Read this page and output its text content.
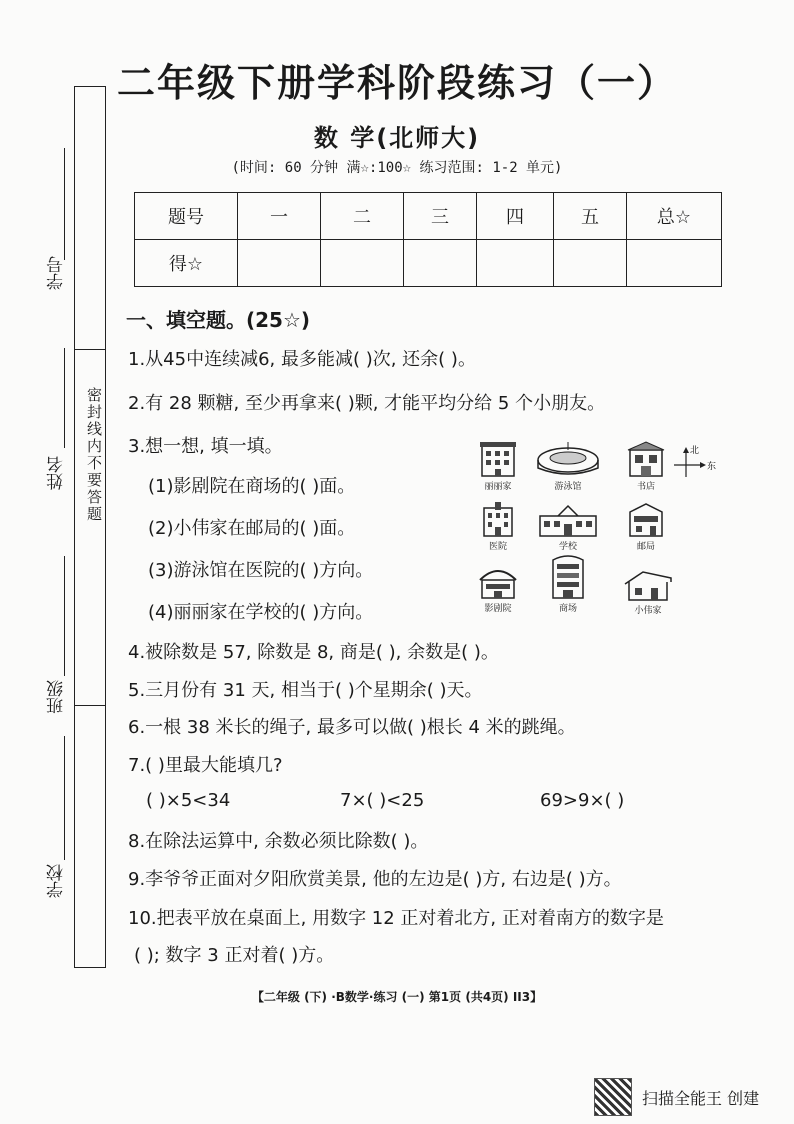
密封线内不要答题
学号
姓名
班级
学校
二年级下册学科阶段练习（一）
数 学(北师大)
(时间: 60 分钟 满☆:100☆ 练习范围: 1-2 单元)
题号	一	二	三	四	五	总☆
得☆						
一、填空题。(25☆)
1.从45中连续减6, 最多能减( )次, 还余( )。
2.有 28 颗糖, 至少再拿来( )颗, 才能平均分给 5 个小朋友。
3.想一想, 填一填。
(1)影剧院在商场的( )面。
(2)小伟家在邮局的( )面。
(3)游泳馆在医院的( )方向。
(4)丽丽家在学校的( )方向。
4.被除数是 57, 除数是 8, 商是( ), 余数是( )。
5.三月份有 31 天, 相当于( )个星期余( )天。
6.一根 38 米长的绳子, 最多可以做( )根长 4 米的跳绳。
7.( )里最大能填几?
( )×5<34	7×( )<25	69>9×( )
8.在除法运算中, 余数必须比除数( )。
9.李爷爷正面对夕阳欣赏美景, 他的左边是( )方, 右边是( )方。
10.把表平放在桌面上, 用数字 12 正对着北方, 正对着南方的数字是
( ); 数字 3 正对着( )方。
丽丽家	游泳馆	书店
北
东
医院	学校	邮局
影剧院	商场	小伟家
【二年级 (下) ·B数学·练习 (一) 第1页 (共4页) II3】
扫描全能王 创建
